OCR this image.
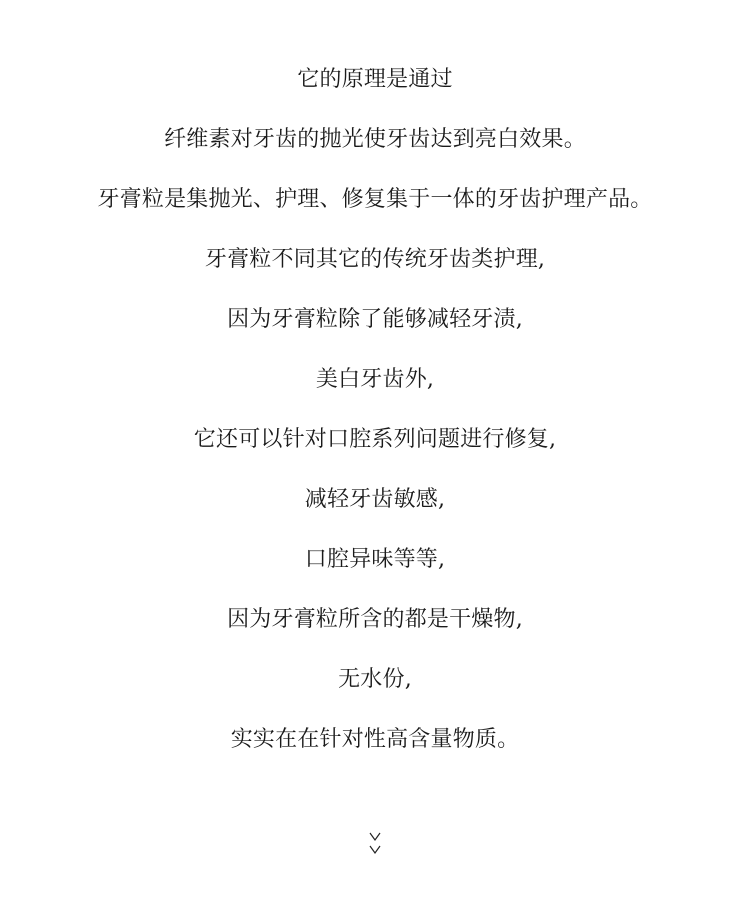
它的原理是通过
纤维素对牙齿的抛光使牙齿达到亮白效果。
牙膏粒是集抛光、护理、修复集于一体的牙齿护理产品。
牙膏粒不同其它的传统牙齿类护理,
因为牙膏粒除了能够减轻牙渍,
美白牙齿外,
它还可以针对口腔系列问题进行修复,
减轻牙齿敏感,
口腔异味等等,
因为牙膏粒所含的都是干燥物,
无水份,
实实在在针对性高含量物质。
